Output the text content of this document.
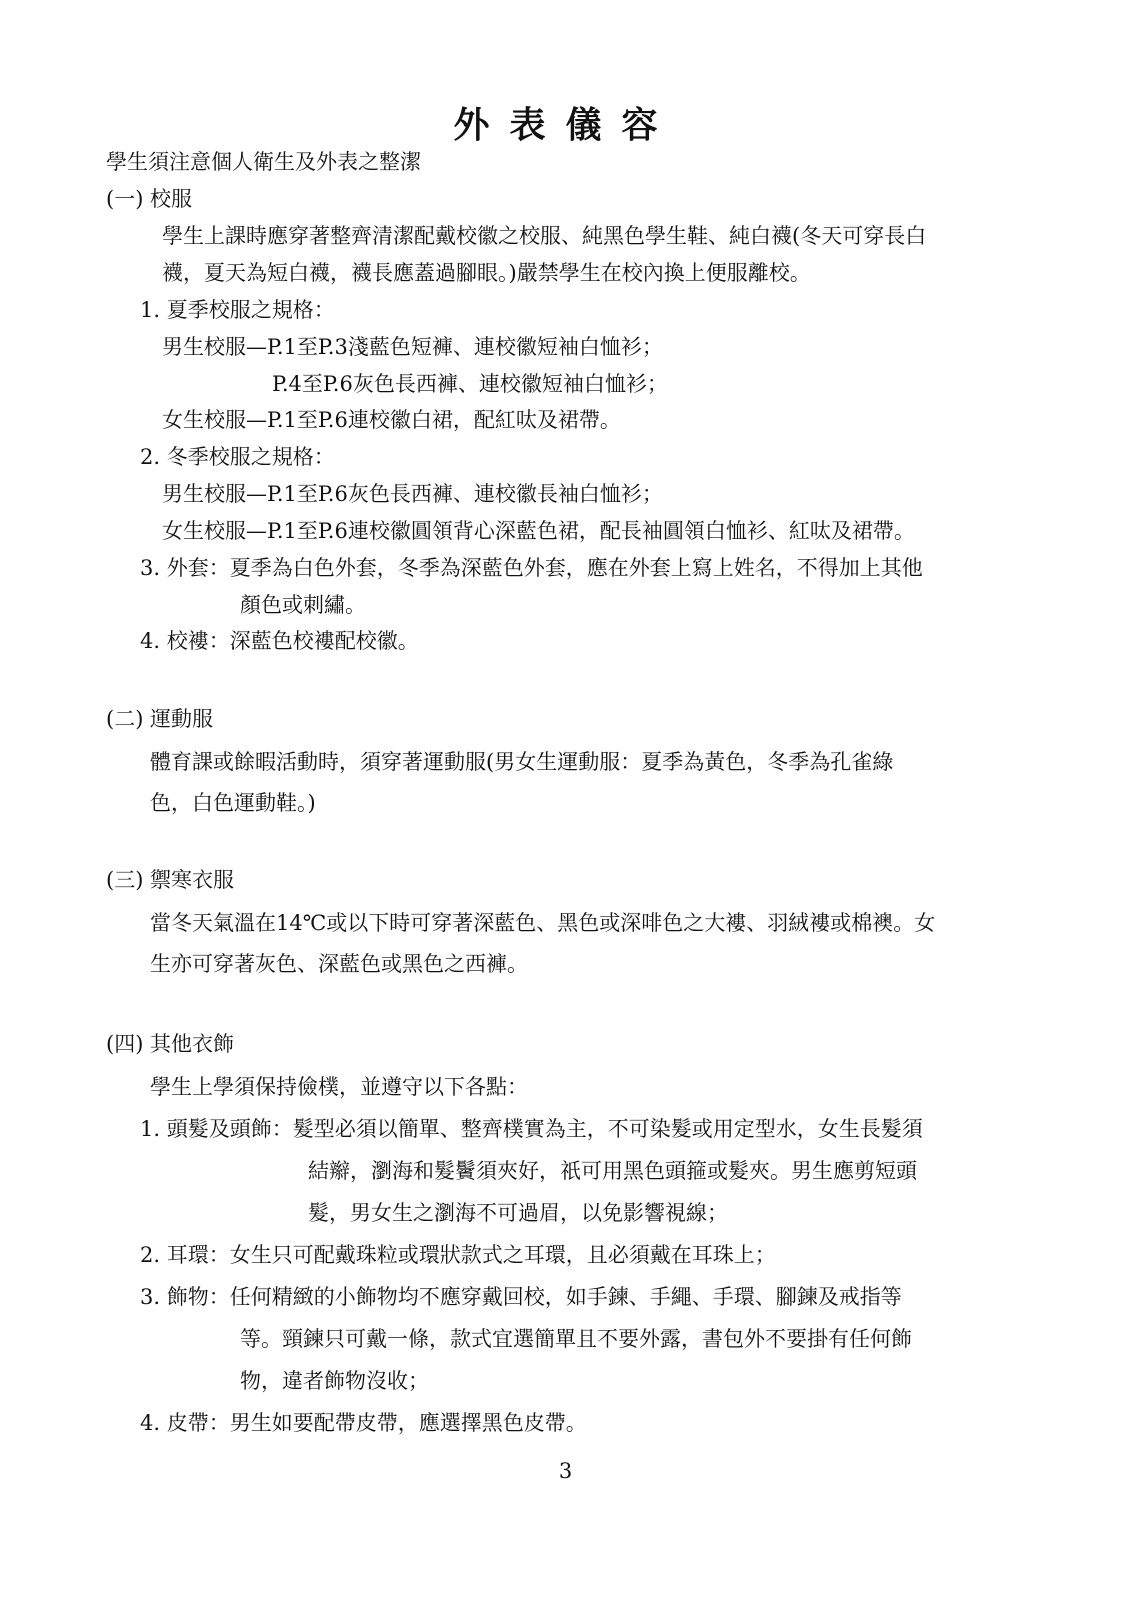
外表儀容
學生須注意個人衛生及外表之整潔
(一) 校服
學生上課時應穿著整齊清潔配戴校徽之校服、純黑色學生鞋、純白襪(冬天可穿長白
襪，夏天為短白襪，襪長應蓋過腳眼。)嚴禁學生在校內換上便服離校。
1. 夏季校服之規格：
男生校服—P.1至P.3淺藍色短褲、連校徽短袖白恤衫；
P.4至P.6灰色長西褲、連校徽短袖白恤衫；
女生校服—P.1至P.6連校徽白裙，配紅呔及裙帶。
2. 冬季校服之規格：
男生校服—P.1至P.6灰色長西褲、連校徽長袖白恤衫；
女生校服—P.1至P.6連校徽圓領背心深藍色裙，配長袖圓領白恤衫、紅呔及裙帶。
3. 外套：夏季為白色外套，冬季為深藍色外套，應在外套上寫上姓名，不得加上其他
顏色或刺繡。
4. 校褸：深藍色校褸配校徽。
(二) 運動服
體育課或餘暇活動時，須穿著運動服(男女生運動服：夏季為黃色，冬季為孔雀綠
色，白色運動鞋。)
(三) 禦寒衣服
當冬天氣溫在14℃或以下時可穿著深藍色、黑色或深啡色之大褸、羽絨褸或棉襖。女
生亦可穿著灰色、深藍色或黑色之西褲。
(四) 其他衣飾
學生上學須保持儉樸，並遵守以下各點：
1. 頭髮及頭飾：髮型必須以簡單、整齊樸實為主，不可染髮或用定型水，女生長髮須
結辮，瀏海和髮鬢須夾好，祇可用黑色頭箍或髮夾。男生應剪短頭
髮，男女生之瀏海不可過眉，以免影響視線；
2. 耳環：女生只可配戴珠粒或環狀款式之耳環，且必須戴在耳珠上；
3. 飾物：任何精緻的小飾物均不應穿戴回校，如手鍊、手繩、手環、腳鍊及戒指等
等。頸鍊只可戴一條，款式宜選簡單且不要外露，書包外不要掛有任何飾
物，違者飾物沒收；
4. 皮帶：男生如要配帶皮帶，應選擇黑色皮帶。
3
